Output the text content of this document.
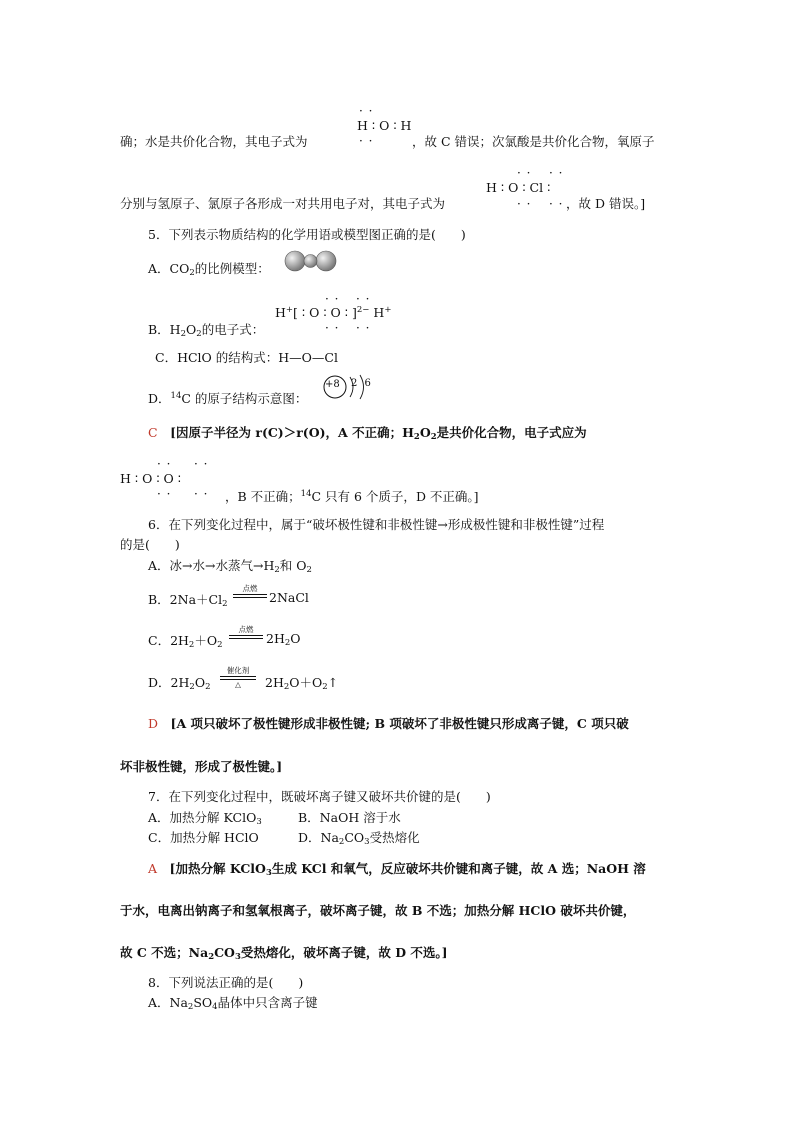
· ·
H ∶ O ∶ H
· ·
确；水是共价化合物，其电子式为	，故 C 错误；次氯酸是共价化合物，氧原子
· · · ·
H ∶ O ∶ Cl ∶
· · · ·
分别与氢原子、氯原子各形成一对共用电子对，其电子式为	，故 D 错误。]
5．下列表示物质结构的化学用语或模型图正确的是(　　)
A．$CO_2$的比例模型：
· · · ·
H+[ ∶ O ∶ O ∶ ]$^{2-}$ H+
· · · ·
B．$H_2O_2$的电子式：
C．HClO 的结构式：H—O—Cl
D．$^{14}$C 的原子结构示意图：
+8 2 6
C　 [因原子半径为 r(C)＞r(O)，A 不正确；$H_2O_2$是共价化合物，电子式应为
· · · ·
H ∶ O ∶ O ∶
· · · · ，B 不正确；$^{14}$C 只有 6 个质子，D 不正确。]
6．在下列变化过程中，属于“破坏极性键和非极性键→形成极性键和非极性键”过程
的是(　　)
A．冰→水→水蒸气$\to H_2$和 $O_2$
B．$2Na+Cl_2$
点燃
2NaCl
C．$2H_2+O_2$
点燃
$2H_2O$
D．$2H_2O_2$
催化剂
△	$2H_2O+O_2↑$
D　 [A 项只破坏了极性键形成非极性键; B 项破坏了非极性键只形成离子键，C 项只破
坏非极性键，形成了极性键。]
7．在下列变化过程中，既破坏离子键又破坏共价键的是(　　)
A．加热分解 KClO$_3$	B．NaOH 溶于水
C．加热分解 HClO	D．$Na_2CO_3$受热熔化
A　 [加热分解 KClO$_3$生成 KCl 和氧气，反应破坏共价键和离子键，故 A 选；NaOH 溶
于水，电离出钠离子和氢氧根离子，破坏离子键，故 B 不选；加热分解 HClO 破坏共价键，
故 C 不选；$Na_2CO_3$受热熔化，破坏离子键，故 D 不选。]
8．下列说法正确的是(　　)
A．$Na_2SO_4$晶体中只含离子键
